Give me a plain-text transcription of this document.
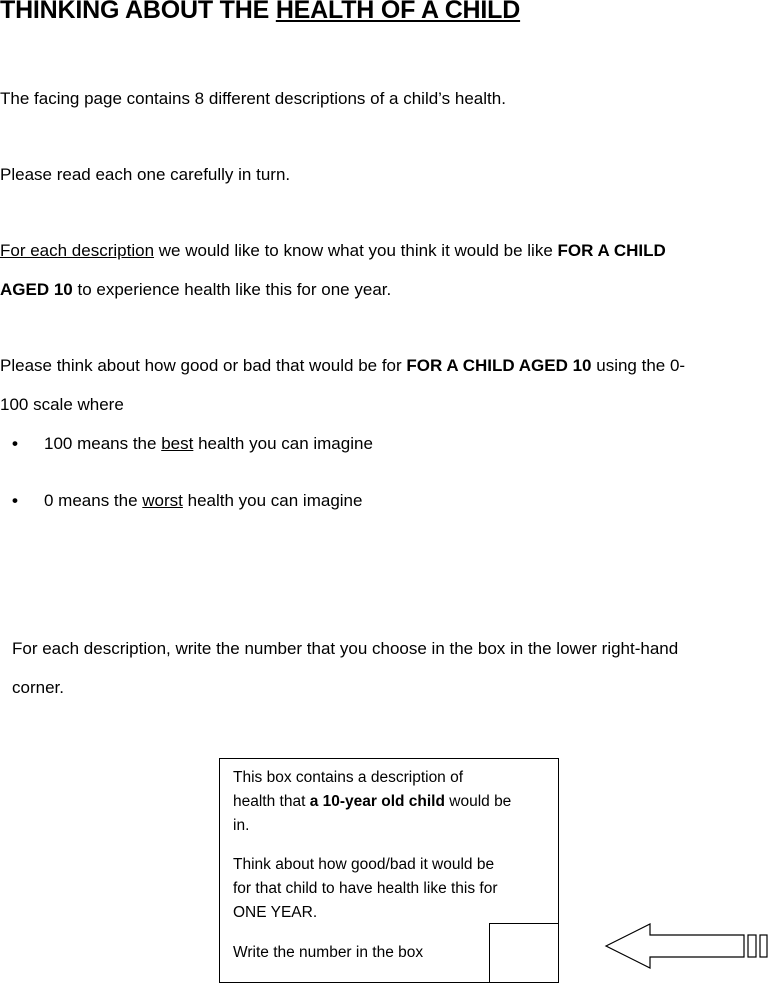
THINKING ABOUT THE HEALTH OF A CHILD

The facing page contains 8 different descriptions of a child’s health.

Please read each one carefully in turn.

For each description we would like to know what you think it would be like FOR A CHILD

AGED 10 to experience health like this for one year.

Please think about how good or bad that would be for FOR A CHILD AGED 10 using the 0-

100 scale where

• 100 means the best health you can imagine
• 0 means the worst health you can imagine

For each description, write the number that you choose in the box in the lower right-hand

corner.

This box contains a description of

health that a 10-year old child would be

in.

Think about how good/bad it would be

for that child to have health like this for

ONE YEAR.

Write the number in the box
